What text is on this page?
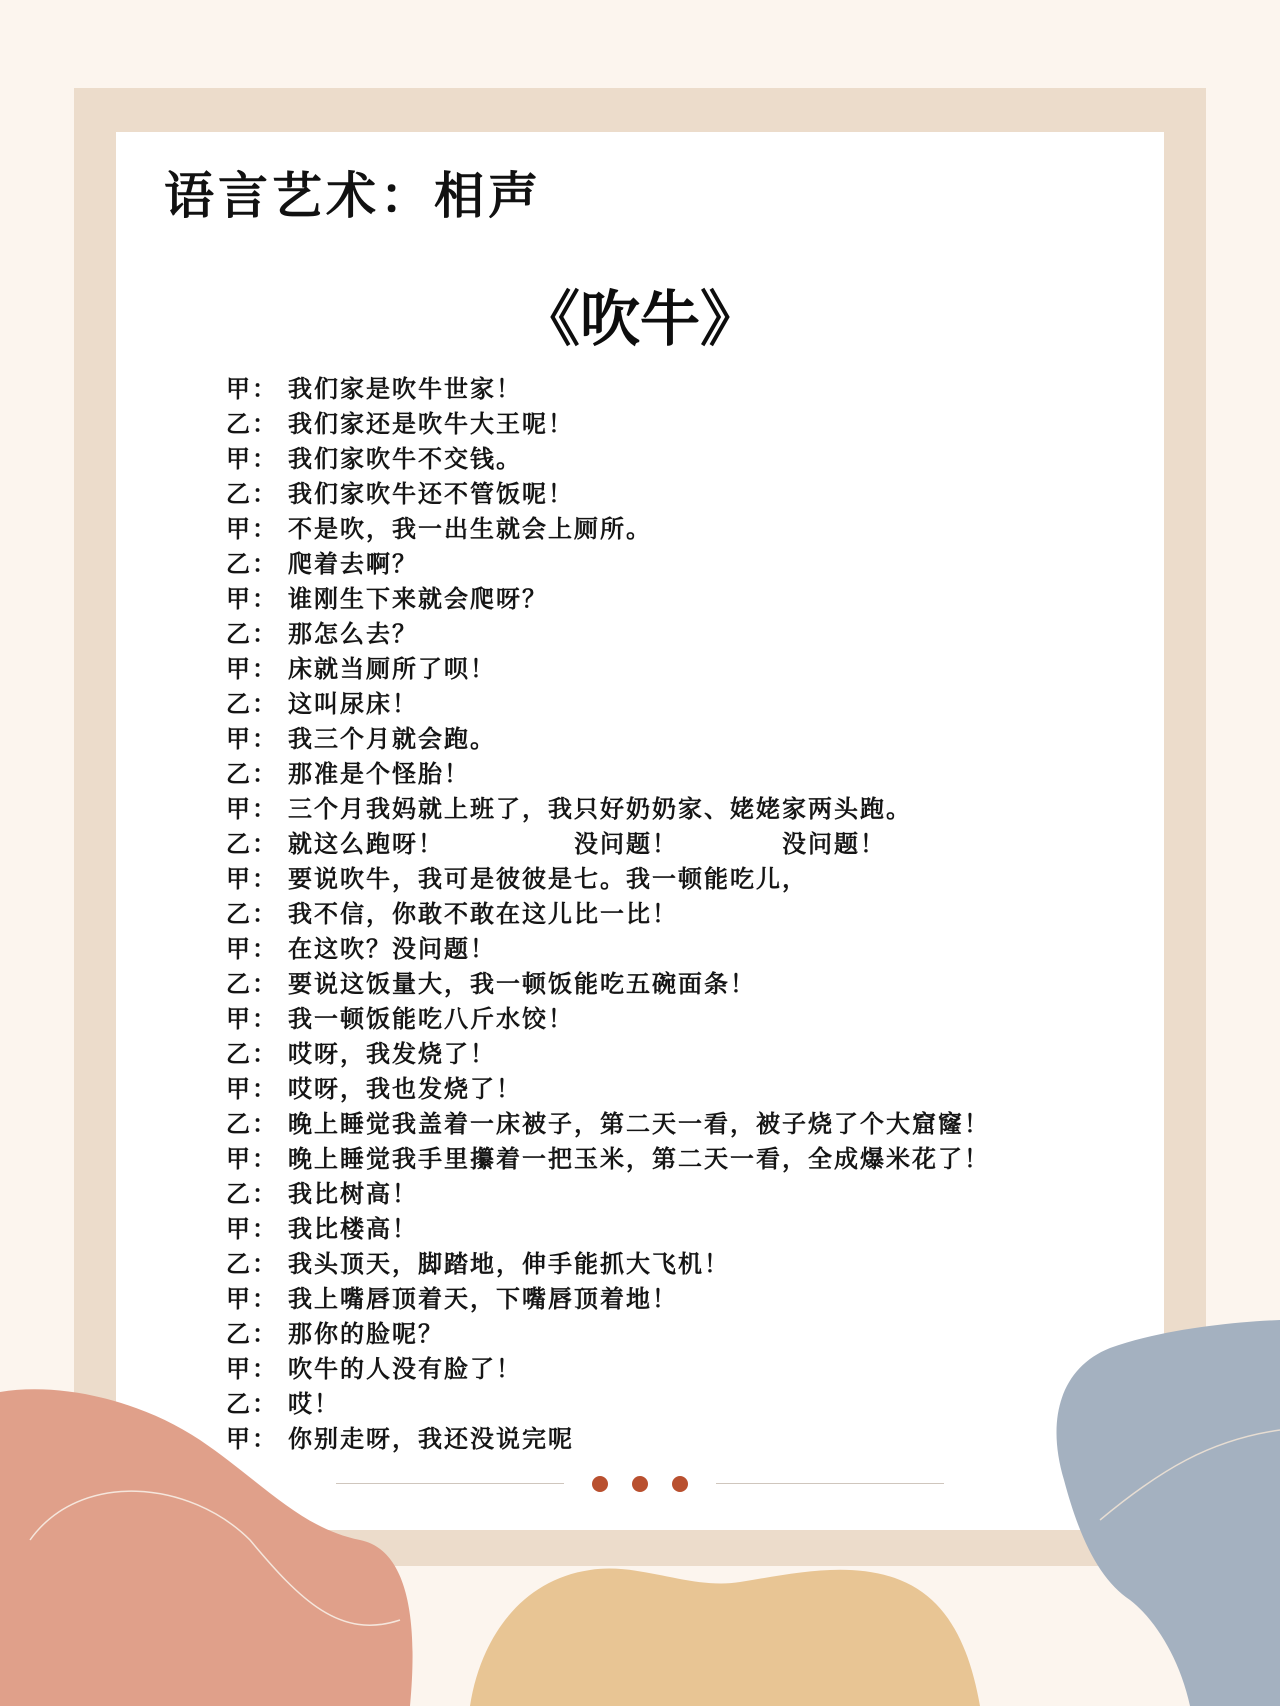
语言艺术：相声
《吹牛》
甲： 我们家是吹牛世家！
乙： 我们家还是吹牛大王呢！
甲： 我们家吹牛不交钱。
乙： 我们家吹牛还不管饭呢！
甲： 不是吹，我一出生就会上厕所。
乙： 爬着去啊？
甲： 谁刚生下来就会爬呀？
乙： 那怎么去？
甲： 床就当厕所了呗！
乙： 这叫尿床！
甲： 我三个月就会跑。
乙： 那准是个怪胎！
甲： 三个月我妈就上班了，我只好奶奶家、姥姥家两头跑。
乙： 就这么跑呀！　　　　　没问题！　　　　没问题！
甲： 要说吹牛，我可是彼彼是七。我一顿能吃儿，
乙： 我不信，你敢不敢在这儿比一比！
甲： 在这吹？没问题！
乙： 要说这饭量大，我一顿饭能吃五碗面条！
甲： 我一顿饭能吃八斤水饺！
乙： 哎呀，我发烧了！
甲： 哎呀，我也发烧了！
乙： 晚上睡觉我盖着一床被子，第二天一看，被子烧了个大窟窿！
甲： 晚上睡觉我手里攥着一把玉米，第二天一看，全成爆米花了！
乙： 我比树高！
甲： 我比楼高！
乙： 我头顶天，脚踏地，伸手能抓大飞机！
甲： 我上嘴唇顶着天，下嘴唇顶着地！
乙： 那你的脸呢？
甲： 吹牛的人没有脸了！
乙： 哎！
甲： 你别走呀，我还没说完呢
